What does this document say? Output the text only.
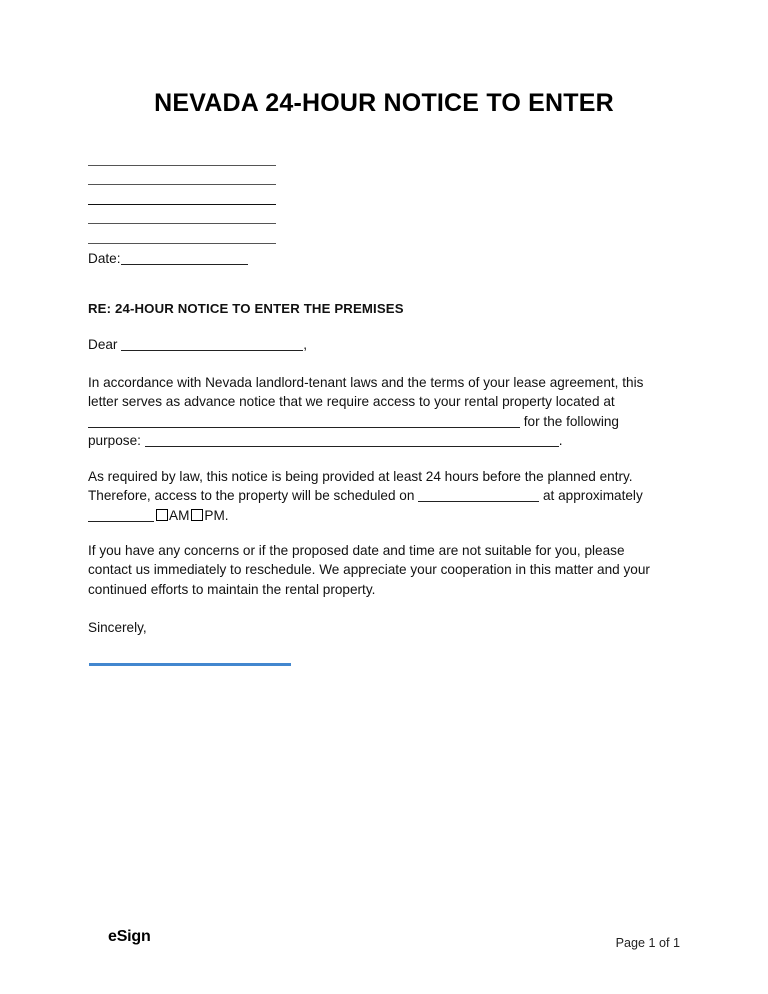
NEVADA 24-HOUR NOTICE TO ENTER
Date:
RE: 24-HOUR NOTICE TO ENTER THE PREMISES
Dear	,
In accordance with Nevada landlord-tenant laws and the terms of your lease agreement, this letter serves as advance notice that we require access to your rental property located at  for the following purpose:	.
As required by law, this notice is being provided at least 24 hours before the planned entry. Therefore, access to the property will be scheduled on	at approximately AM PM.
If you have any concerns or if the proposed date and time are not suitable for you, please contact us immediately to reschedule. We appreciate your cooperation in this matter and your continued efforts to maintain the rental property.
Sincerely,
eSign	Page 1 of 1
